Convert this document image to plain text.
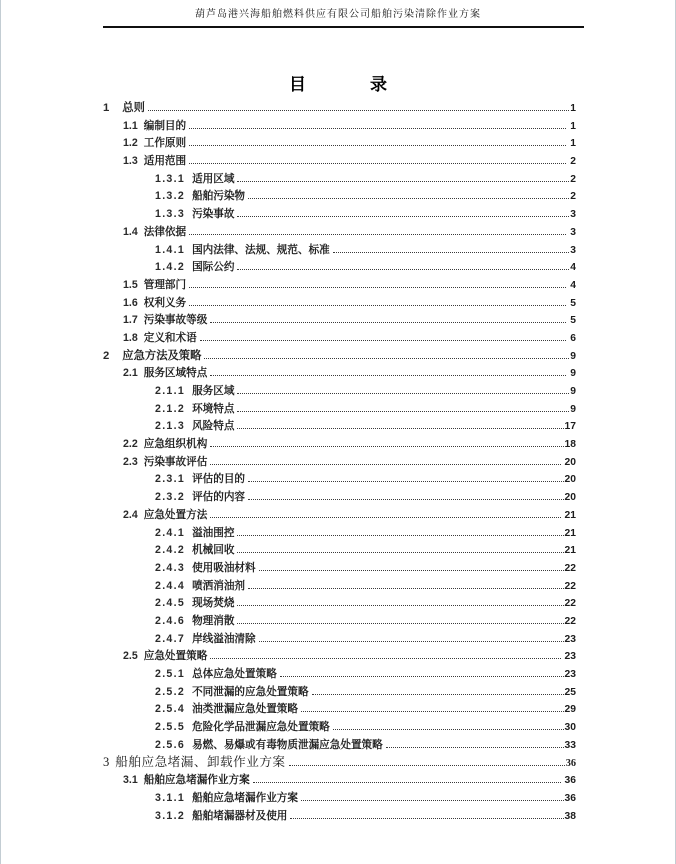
葫芦岛港兴海船舶燃料供应有限公司船舶污染清除作业方案
目	录
1 总则	1
1.1 编制目的	1
1.2 工作原则	1
1.3 适用范围	2
1.3.1 适用区域	2
1.3.2 船舶污染物	2
1.3.3 污染事故	3
1.4 法律依据	3
1.4.1 国内法律、法规、规范、标准	3
1.4.2 国际公约	4
1.5 管理部门	4
1.6 权利义务	5
1.7 污染事故等级	5
1.8 定义和术语	6
2 应急方法及策略	9
2.1 服务区域特点	9
2.1.1 服务区域	9
2.1.2 环境特点	9
2.1.3 风险特点	17
2.2 应急组织机构	18
2.3 污染事故评估	20
2.3.1 评估的目的	20
2.3.2 评估的内容	20
2.4 应急处置方法	21
2.4.1 溢油围控	21
2.4.2 机械回收	21
2.4.3 使用吸油材料	22
2.4.4 喷洒消油剂	22
2.4.5 现场焚烧	22
2.4.6 物理消散	22
2.4.7 岸线溢油清除	23
2.5 应急处置策略	23
2.5.1 总体应急处置策略	23
2.5.2 不同泄漏的应急处置策略	25
2.5.4 油类泄漏应急处置策略	29
2.5.5 危险化学品泄漏应急处置策略	30
2.5.6 易燃、易爆或有毒物质泄漏应急处置策略	33
3 船舶应急堵漏、卸载作业方案	36
3.1 船舶应急堵漏作业方案	36
3.1.1 船舶应急堵漏作业方案	36
3.1.2 船舶堵漏器材及使用	38
